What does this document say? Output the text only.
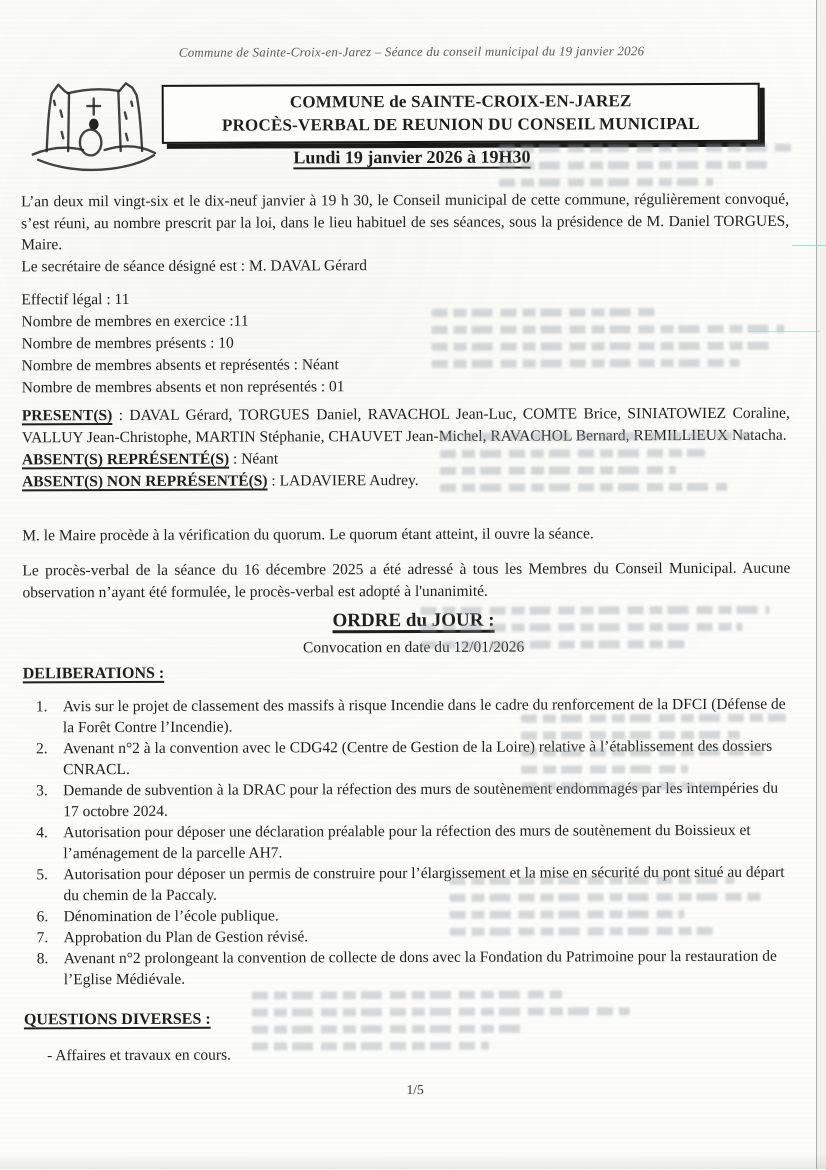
Commune de Sainte-Croix-en-Jarez – Séance du conseil municipal du 19 janvier 2026
COMMUNE de SAINTE-CROIX-EN-JAREZ
PROCÈS-VERBAL DE REUNION DU CONSEIL MUNICIPAL
Lundi 19 janvier 2026 à 19H30
L’an deux mil vingt-six et le dix-neuf janvier à 19 h 30, le Conseil municipal de cette commune, régulièrement convoqué, s’est réuni, au nombre prescrit par la loi, dans le lieu habituel de ses séances, sous la présidence de M. Daniel TORGUES, Maire.
Le secrétaire de séance désigné est : M. DAVAL Gérard
Effectif légal : 11
Nombre de membres en exercice :11
Nombre de membres présents : 10
Nombre de membres absents et représentés : Néant
Nombre de membres absents et non représentés : 01
PRESENT(S) : DAVAL Gérard, TORGUES Daniel, RAVACHOL Jean-Luc, COMTE Brice, SINIATOWIEZ Coraline, VALLUY Jean-Christophe, MARTIN Stéphanie, CHAUVET Jean-Michel, RAVACHOL Bernard, REMILLIEUX Natacha.
ABSENT(S) REPRÉSENTÉ(S) : Néant
ABSENT(S) NON REPRÉSENTÉ(S) : LADAVIERE Audrey.
M. le Maire procède à la vérification du quorum. Le quorum étant atteint, il ouvre la séance.
Le procès-verbal de la séance du 16 décembre 2025 a été adressé à tous les Membres du Conseil Municipal. Aucune observation n’ayant été formulée, le procès-verbal est adopté à l'unanimité.
ORDRE du JOUR :
Convocation en date du 12/01/2026
DELIBERATIONS :
Avis sur le projet de classement des massifs à risque Incendie dans le cadre du renforcement de la DFCI (Défense de la Forêt Contre l’Incendie).
Avenant n°2 à la convention avec le CDG42 (Centre de Gestion de la Loire) relative à l’établissement des dossiers CNRACL.
Demande de subvention à la DRAC pour la réfection des murs de soutènement endommagés par les intempéries du 17 octobre 2024.
Autorisation pour déposer une déclaration préalable pour la réfection des murs de soutènement du Boissieux et l’aménagement de la parcelle AH7.
Autorisation pour déposer un permis de construire pour l’élargissement et la mise en sécurité du pont situé au départ du chemin de la Paccaly.
Dénomination de l’école publique.
Approbation du Plan de Gestion révisé.
Avenant n°2 prolongeant la convention de collecte de dons avec la Fondation du Patrimoine pour la restauration de l’Eglise Médiévale.
QUESTIONS DIVERSES :
- Affaires et travaux en cours.
1/5
